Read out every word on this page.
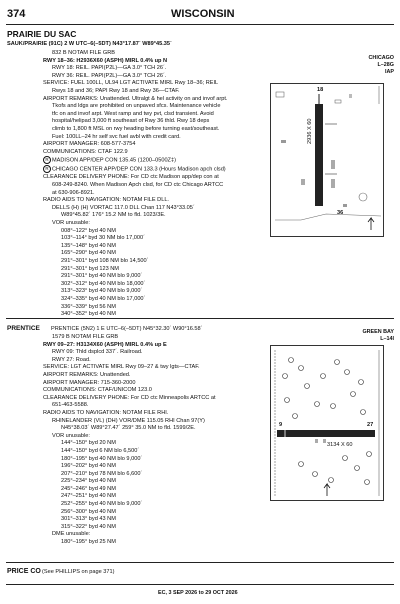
374	WISCONSIN
PRAIRIE DU SAC
SAUK/PRAIRIE (91C) 2 W UTC–6(–5DT) N43°17.87´ W89°45.35´
CHICAGO
L–28G
IAP
832 B NOTAM FILE GRB
RWY 18–36: H2936X60 (ASPH) MIRL 0.4% up N
RWY 18: REIL. PAPI(P2L)—GA 3.0° TCH 26´.
RWY 36: REIL. PAPI(P2L)—GA 3.0° TCH 26´.
SERVICE: FUEL 100LL, UL94 LGT ACTIVATE MIRL Rwy 18–36; REIL
Rwys 18 and 36; PAPI Rwy 18 and Rwy 36—CTAF.
AIRPORT REMARKS: Unattended. Ultralgt & hel activity on and invof arpt.
Tkofs and ldgs are prohibited on unpaved sfcs. Maintenance vehicle
tfc on and invof arpt. West ramp and twy pvt, clsd transient. Avoid
hospital/helipad 3,000 ft southeast of Rwy 36 thld. Rwy 18 deps
climb to 1,800 ft MSL on rwy heading before turning east/southeast.
Fuel: 100LL–24 hr self svc fuel avbl with credit card.
AIRPORT MANAGER: 608-577-3754
COMMUNICATIONS: CTAF 122.9
R MADISON APP/DEP CON 135.45 (1200–0500Z‡)
R CHICAGO CENTER APP/DEP CON 133.3 (Hours Madison apch clsd)
CLEARANCE DELIVERY PHONE: For CD ctc Madison app/dep con at
608-249-8240. When Madison Apch clsd, for CD ctc Chicago ARTCC
at 630-906-8921.
RADIO AIDS TO NAVIGATION: NOTAM FILE DLL.
DELLS (H) (H) VORTAC 117.0 DLL Chan 117 N43°33.05´
W89°45.82´ 176° 15.2 NM to fld. 1023/3E.
VOR unusable:
008°–122° byd 40 NM
103°–114° byd 30 NM blo 17,000´
135°–148° byd 40 NM
165°–290° byd 40 NM
291°–301° byd 108 NM blo 14,500´
291°–301° byd 123 NM
291°–301° byd 40 NM blo 9,000´
302°–312° byd 40 NM blo 18,000´
313°–323° byd 40 NM blo 9,000´
324°–335° byd 40 NM blo 17,000´
336°–339° byd 56 NM
340°–352° byd 40 NM
18
36
2936 X 60
PRENTICE PRENTICE (5N2) 1 E UTC–6(–5DT) N45°32.30´ W90°16.58´	GREEN BAY
L–14I
1579 B NOTAM FILE GRB
RWY 09–27: H3134X60 (ASPH) MIRL 0.4% up E
RWY 09: Thld dsplcd 337´. Railroad.
RWY 27: Road.
SERVICE: LGT ACTIVATE MIRL Rwy 09–27 & twy lgts—CTAF.
AIRPORT REMARKS: Unattended.
AIRPORT MANAGER: 715-360-2000
COMMUNICATIONS: CTAF/UNICOM 123.0
CLEARANCE DELIVERY PHONE: For CD ctc Minneapolis ARTCC at
651-463-5588.
RADIO AIDS TO NAVIGATION: NOTAM FILE RHI.
RHINELANDER (VL) (DH) VOR/DME 115.05 RHI Chan 97(Y)
N45°38.03´ W89°27.47´ 259° 35.0 NM to fld. 1599/2E.
VOR unusable:
144°–150° byd 20 NM
144°–150° byd 6 NM blo 6,500´
180°–195° byd 40 NM blo 9,000´
196°–202° byd 40 NM
207°–210° byd 78 NM blo 6,600´
225°–234° byd 40 NM
245°–246° byd 49 NM
247°–251° byd 40 NM
252°–255° byd 40 NM blo 9,000´
256°–300° byd 40 NM
301°–313° byd 43 NM
315°–322° byd 40 NM
DME unusable:
180°–195° byd 25 NM
9	27
3134 X 60
PRICE CO (See PHILLIPS on page 371)
EC, 3 SEP 2026 to 29 OCT 2026
